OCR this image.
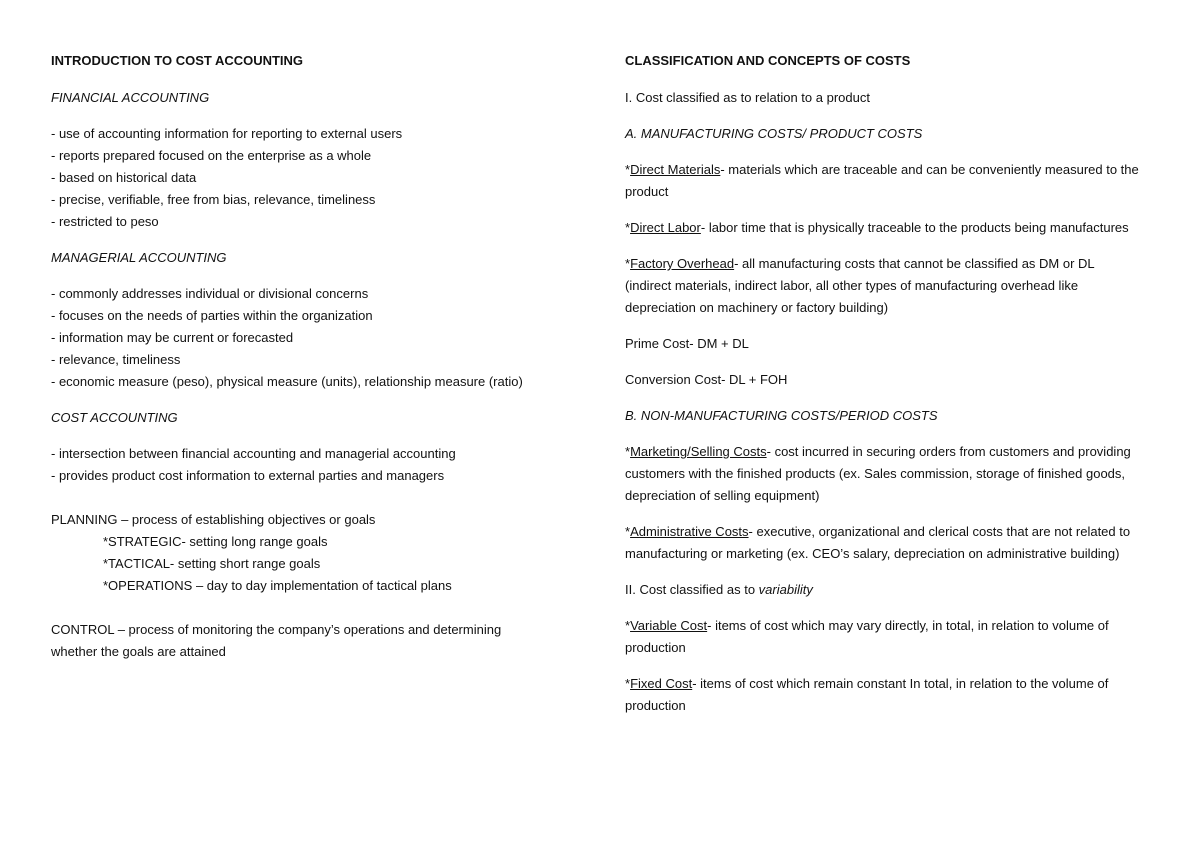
INTRODUCTION TO COST ACCOUNTING
FINANCIAL ACCOUNTING
- use of accounting information for reporting to external users
- reports prepared focused on the enterprise as a whole
- based on historical data
- precise, verifiable, free from bias, relevance, timeliness
- restricted to peso
MANAGERIAL ACCOUNTING
- commonly addresses individual or divisional concerns
- focuses on the needs of parties within the organization
- information may be current or forecasted
- relevance, timeliness
- economic measure (peso), physical measure (units), relationship measure (ratio)
COST ACCOUNTING
- intersection between financial accounting and managerial accounting
- provides product cost information to external parties and managers
PLANNING – process of establishing objectives or goals
*STRATEGIC- setting long range goals
*TACTICAL- setting short range goals
*OPERATIONS – day to day implementation of tactical plans
CONTROL – process of monitoring the company’s operations and determining
whether the goals are attained
CLASSIFICATION AND CONCEPTS OF COSTS
I. Cost classified as to relation to a product
A. MANUFACTURING COSTS/ PRODUCT COSTS
*Direct Materials- materials which are traceable and can be conveniently measured to the product
*Direct Labor- labor time that is physically traceable to the products being manufactures
*Factory Overhead- all manufacturing costs that cannot be classified as DM or DL (indirect materials, indirect labor, all other types of manufacturing overhead like depreciation on machinery or factory building)
Prime Cost- DM + DL
Conversion Cost- DL + FOH
B. NON-MANUFACTURING COSTS/PERIOD COSTS
*Marketing/Selling Costs- cost incurred in securing orders from customers and providing customers with the finished products (ex. Sales commission, storage of finished goods, depreciation of selling equipment)
*Administrative Costs- executive, organizational and clerical costs that are not related to manufacturing or marketing (ex. CEO’s salary, depreciation on administrative building)
II. Cost classified as to variability
*Variable Cost- items of cost which may vary directly, in total, in relation to volume of production
*Fixed Cost- items of cost which remain constant In total, in relation to the volume of production
